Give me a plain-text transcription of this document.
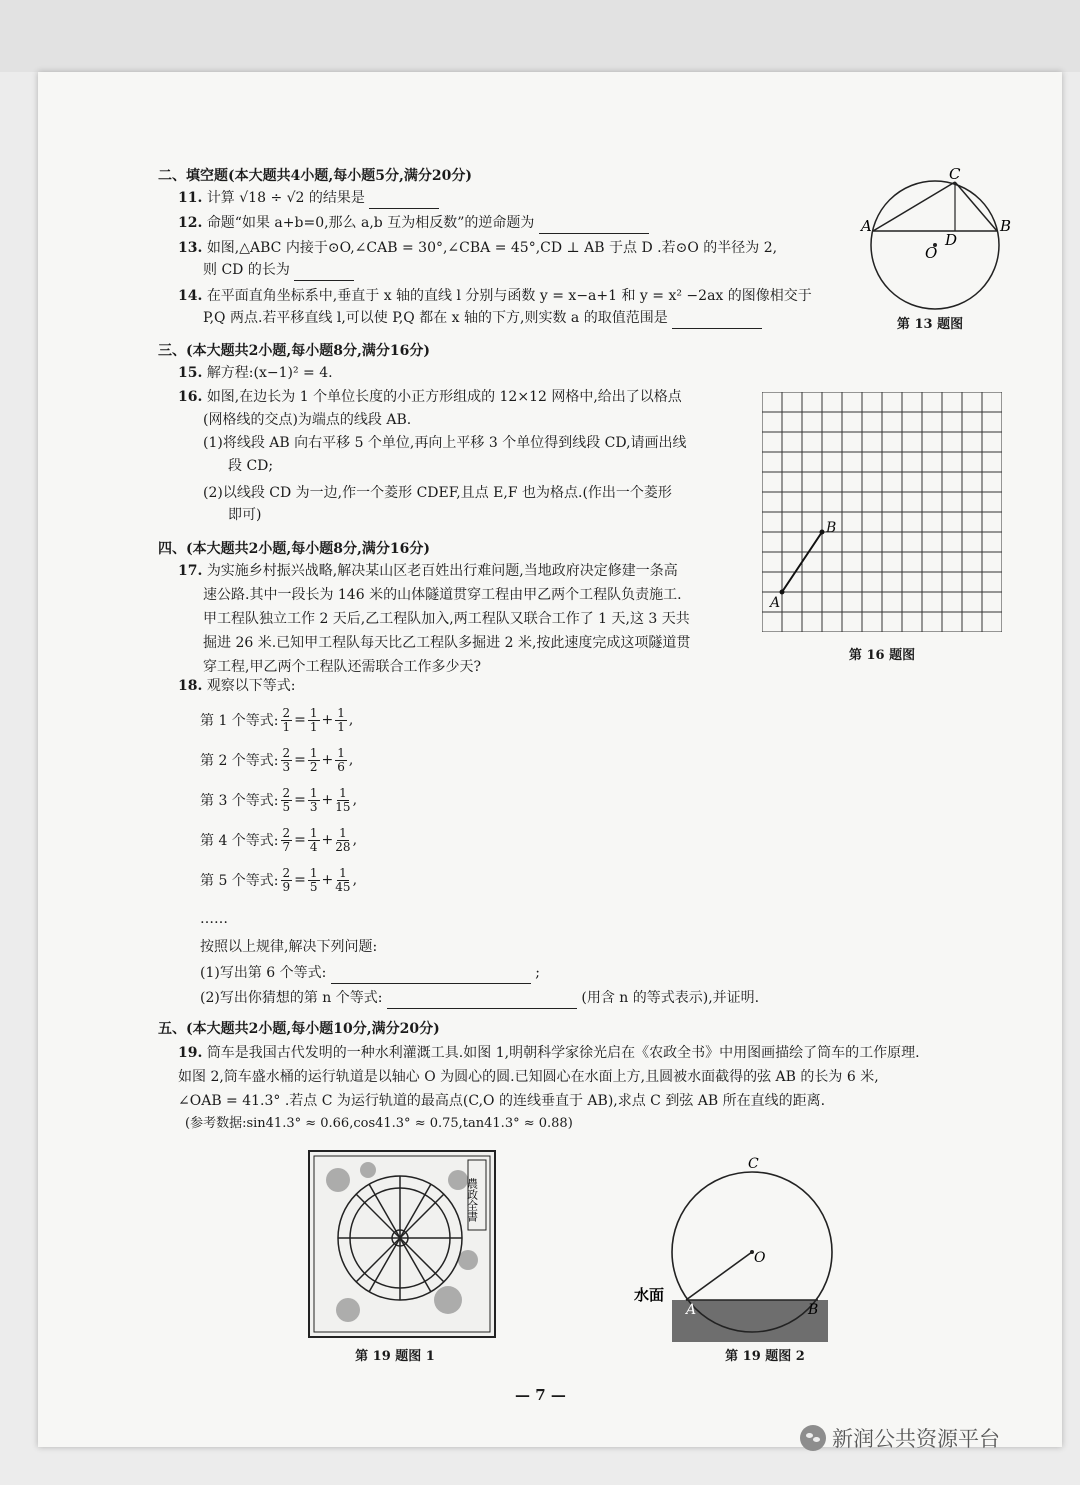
二、填空题(本大题共4小题,每小题5分,满分20分)
11. 计算 √18 ÷ √2 的结果是
12. 命题“如果 a+b=0,那么 a,b 互为相反数”的逆命题为
13. 如图,△ABC 内接于⊙O,∠CAB = 30°,∠CBA = 45°,CD ⊥ AB 于点 D .若⊙O 的半径为 2,
则 CD 的长为
14. 在平面直角坐标系中,垂直于 x 轴的直线 l 分别与函数 y = x−a+1 和 y = x² −2ax 的图像相交于
P,Q 两点.若平移直线 l,可以使 P,Q 都在 x 轴的下方,则实数 a 的取值范围是
C
A	B
D
O
第 13 题图
三、(本大题共2小题,每小题8分,满分16分)
15. 解方程:(x−1)² = 4.
16. 如图,在边长为 1 个单位长度的小正方形组成的 12×12 网格中,给出了以格点
(网格线的交点)为端点的线段 AB.
(1)将线段 AB 向右平移 5 个单位,再向上平移 3 个单位得到线段 CD,请画出线
段 CD;
(2)以线段 CD 为一边,作一个菱形 CDEF,且点 E,F 也为格点.(作出一个菱形
即可)
A
B
第 16 题图
四、(本大题共2小题,每小题8分,满分16分)
17. 为实施乡村振兴战略,解决某山区老百姓出行难问题,当地政府决定修建一条高
速公路.其中一段长为 146 米的山体隧道贯穿工程由甲乙两个工程队负责施工.
甲工程队独立工作 2 天后,乙工程队加入,两工程队又联合工作了 1 天,这 3 天共
掘进 26 米.已知甲工程队每天比乙工程队多掘进 2 米,按此速度完成这项隧道贯
穿工程,甲乙两个工程队还需联合工作多少天?
18. 观察以下等式:
第 1 个等式: $\frac{2}{1} = \frac{1}{1} + \frac{1}{1}$ ,
第 2 个等式: $\frac{2}{3} = \frac{1}{2} + \frac{1}{6}$ ,
第 3 个等式: $\frac{2}{5} = \frac{1}{3} + \frac{1}{15}$ ,
第 4 个等式: $\frac{2}{7} = \frac{1}{4} + \frac{1}{28}$ ,
第 5 个等式: $\frac{2}{9} = \frac{1}{5} + \frac{1}{45}$ ,
……
按照以上规律,解决下列问题:
(1)写出第 6 个等式:	;
(2)写出你猜想的第 n 个等式:	(用含 n 的等式表示),并证明.
五、(本大题共2小题,每小题10分,满分20分)
19. 筒车是我国古代发明的一种水利灌溉工具.如图 1,明朝科学家徐光启在《农政全书》中用图画描绘了筒车的工作原理.
如图 2,筒车盛水桶的运行轨道是以轴心 O 为圆心的圆.已知圆心在水面上方,且圆被水面截得的弦 AB 的长为 6 米,
∠OAB = 41.3° .若点 C 为运行轨道的最高点(C,O 的连线垂直于 AB),求点 C 到弦 AB 所在直线的距离.
(参考数据:sin41.3° ≈ 0.66,cos41.3° ≈ 0.75,tan41.3° ≈ 0.88)
農政全書
第 19 题图 1
C
O
A	B
水面
第 19 题图 2
— 7 —
新润公共资源平台
